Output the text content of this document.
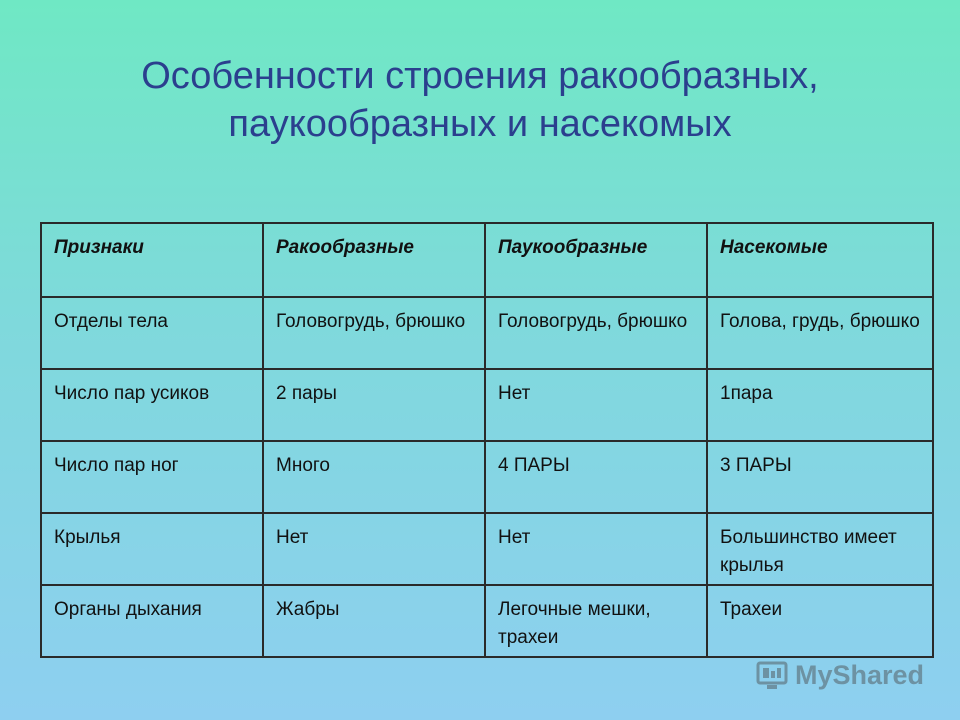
Особенности строения ракообразных,
паукообразных и насекомых
Признаки	Ракообразные	Паукообразные	Насекомые
Отделы тела	Головогрудь, брюшко	Головогрудь, брюшко	Голова, грудь, брюшко
Число пар усиков	2 пары	Нет	1пара
Число пар ног	Много	4 ПАРЫ	3 ПАРЫ
Крылья	Нет	Нет	Большинство имеет крылья
Органы дыхания	Жабры	Легочные мешки, трахеи	Трахеи
MyShared
